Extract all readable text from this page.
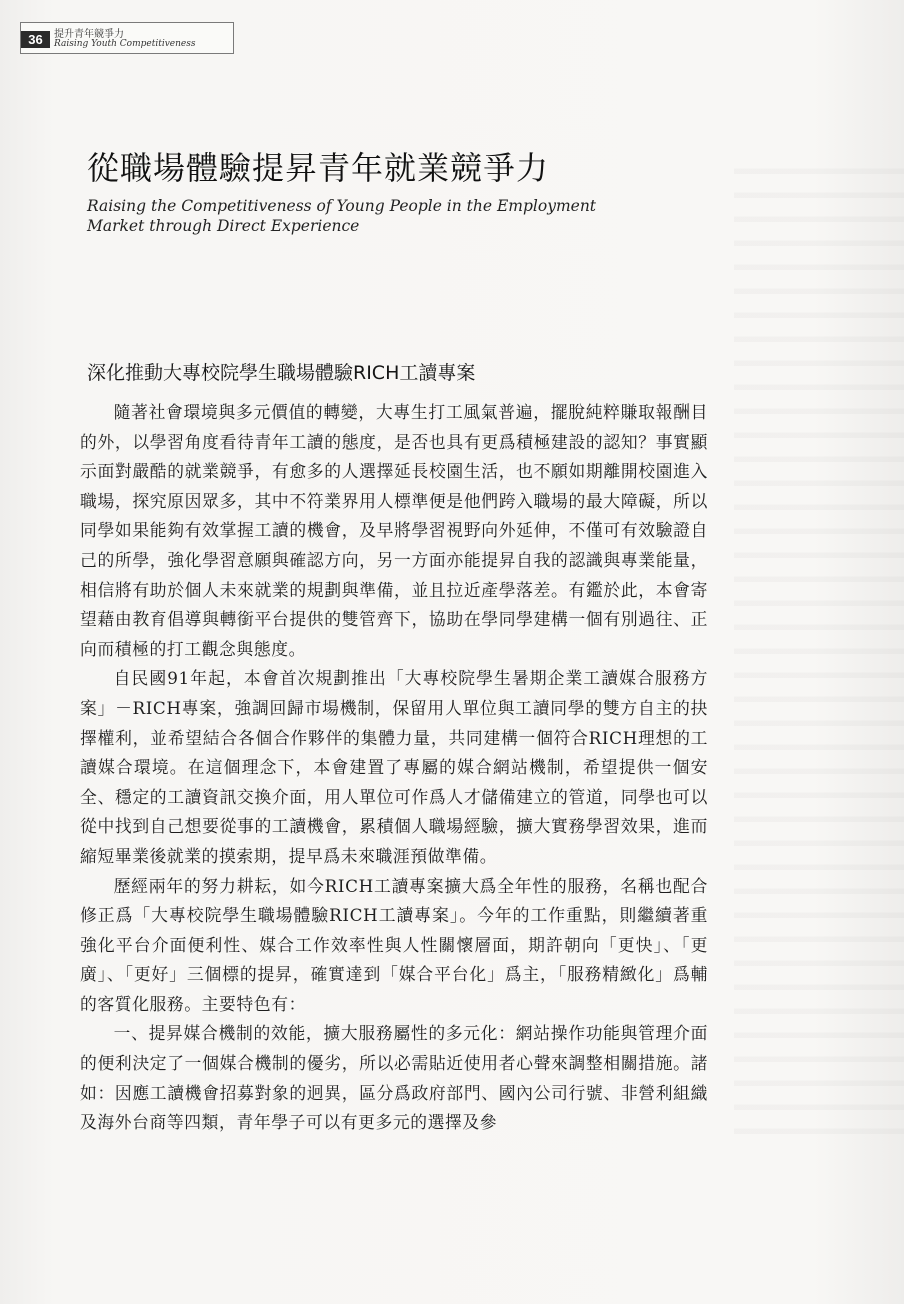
36	提升青年競爭力
Raising Youth Competitiveness
從職場體驗提昇青年就業競爭力

Raising the Competitiveness of Young People in the Employment Market through Direct Experience

深化推動大專校院學生職場體驗RICH工讀專案

隨著社會環境與多元價值的轉變，大專生打工風氣普遍，擺脫純粹賺取報酬目的外，以學習角度看待青年工讀的態度，是否也具有更爲積極建設的認知？事實顯示面對嚴酷的就業競爭，有愈多的人選擇延長校園生活，也不願如期離開校園進入職場，探究原因眾多，其中不符業界用人標準便是他們跨入職場的最大障礙，所以同學如果能夠有效掌握工讀的機會，及早將學習視野向外延伸，不僅可有效驗證自己的所學，強化學習意願與確認方向，另一方面亦能提昇自我的認識與專業能量，相信將有助於個人未來就業的規劃與準備，並且拉近產學落差。有鑑於此，本會寄望藉由教育倡導與轉銜平台提供的雙管齊下，協助在學同學建構一個有別過往、正向而積極的打工觀念與態度。

自民國91年起，本會首次規劃推出「大專校院學生暑期企業工讀媒合服務方案」－RICH專案，強調回歸市場機制，保留用人單位與工讀同學的雙方自主的抉擇權利，並希望結合各個合作夥伴的集體力量，共同建構一個符合RICH理想的工讀媒合環境。在這個理念下，本會建置了專屬的媒合網站機制，希望提供一個安全、穩定的工讀資訊交換介面，用人單位可作爲人才儲備建立的管道，同學也可以從中找到自己想要從事的工讀機會，累積個人職場經驗，擴大實務學習效果，進而縮短畢業後就業的摸索期，提早爲未來職涯預做準備。

歷經兩年的努力耕耘，如今RICH工讀專案擴大爲全年性的服務，名稱也配合修正爲「大專校院學生職場體驗RICH工讀專案」。今年的工作重點，則繼續著重強化平台介面便利性、媒合工作效率性與人性關懷層面，期許朝向「更快」、「更廣」、「更好」三個標的提昇，確實達到「媒合平台化」爲主，「服務精緻化」爲輔的客質化服務。主要特色有：

一、提昇媒合機制的效能，擴大服務屬性的多元化：網站操作功能與管理介面的便利決定了一個媒合機制的優劣，所以必需貼近使用者心聲來調整相關措施。諸如：因應工讀機會招募對象的迥異，區分爲政府部門、國內公司行號、非營利組織及海外台商等四類，青年學子可以有更多元的選擇及參
